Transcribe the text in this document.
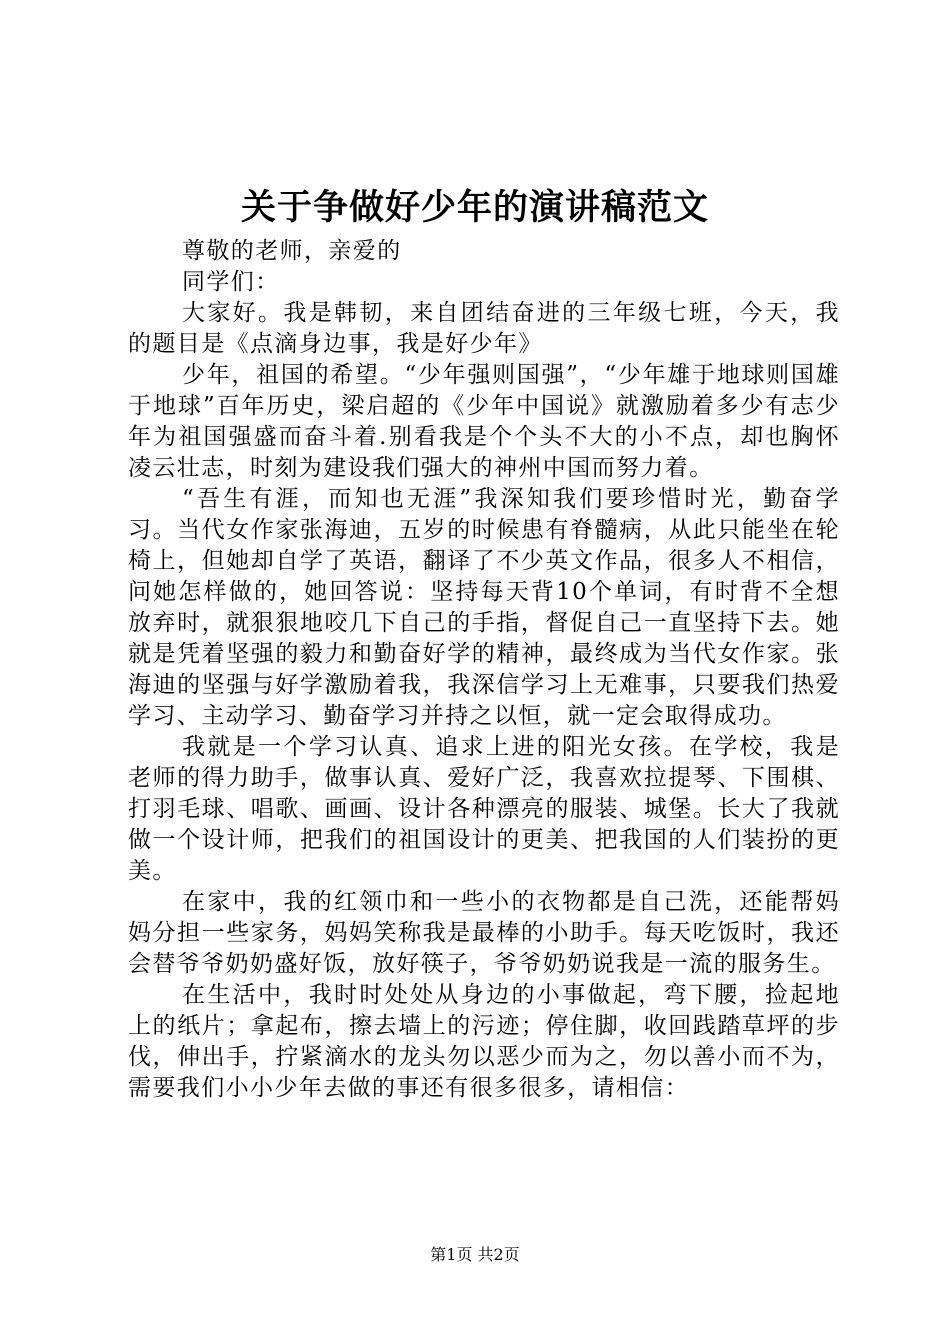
关于争做好少年的演讲稿范文

尊敬的老师，亲爱的

同学们：

大家好。我是韩韧，来自团结奋进的三年级七班，今天，我的题目是《点滴身边事，我是好少年》

少年，祖国的希望。“少年强则国强”，“少年雄于地球则国雄于地球”百年历史，梁启超的《少年中国说》就激励着多少有志少年为祖国强盛而奋斗着.别看我是个个头不大的小不点，却也胸怀凌云壮志，时刻为建设我们强大的神州中国而努力着。

“吾生有涯，而知也无涯”我深知我们要珍惜时光，勤奋学习。当代女作家张海迪，五岁的时候患有脊髓病，从此只能坐在轮椅上，但她却自学了英语，翻译了不少英文作品，很多人不相信，问她怎样做的，她回答说：坚持每天背10个单词，有时背不全想放弃时，就狠狠地咬几下自己的手指，督促自己一直坚持下去。她就是凭着坚强的毅力和勤奋好学的精神，最终成为当代女作家。张海迪的坚强与好学激励着我，我深信学习上无难事，只要我们热爱学习、主动学习、勤奋学习并持之以恒，就一定会取得成功。

我就是一个学习认真、追求上进的阳光女孩。在学校，我是老师的得力助手，做事认真、爱好广泛，我喜欢拉提琴、下围棋、打羽毛球、唱歌、画画、设计各种漂亮的服装、城堡。长大了我就做一个设计师，把我们的祖国设计的更美、把我国的人们装扮的更美。

在家中，我的红领巾和一些小的衣物都是自己洗，还能帮妈妈分担一些家务，妈妈笑称我是最棒的小助手。每天吃饭时，我还会替爷爷奶奶盛好饭，放好筷子，爷爷奶奶说我是一流的服务生。

在生活中，我时时处处从身边的小事做起，弯下腰，捡起地上的纸片；拿起布，擦去墙上的污迹；停住脚，收回践踏草坪的步伐，伸出手，拧紧滴水的龙头勿以恶少而为之，勿以善小而不为，需要我们小小少年去做的事还有很多很多，请相信：

第1页 共2页
